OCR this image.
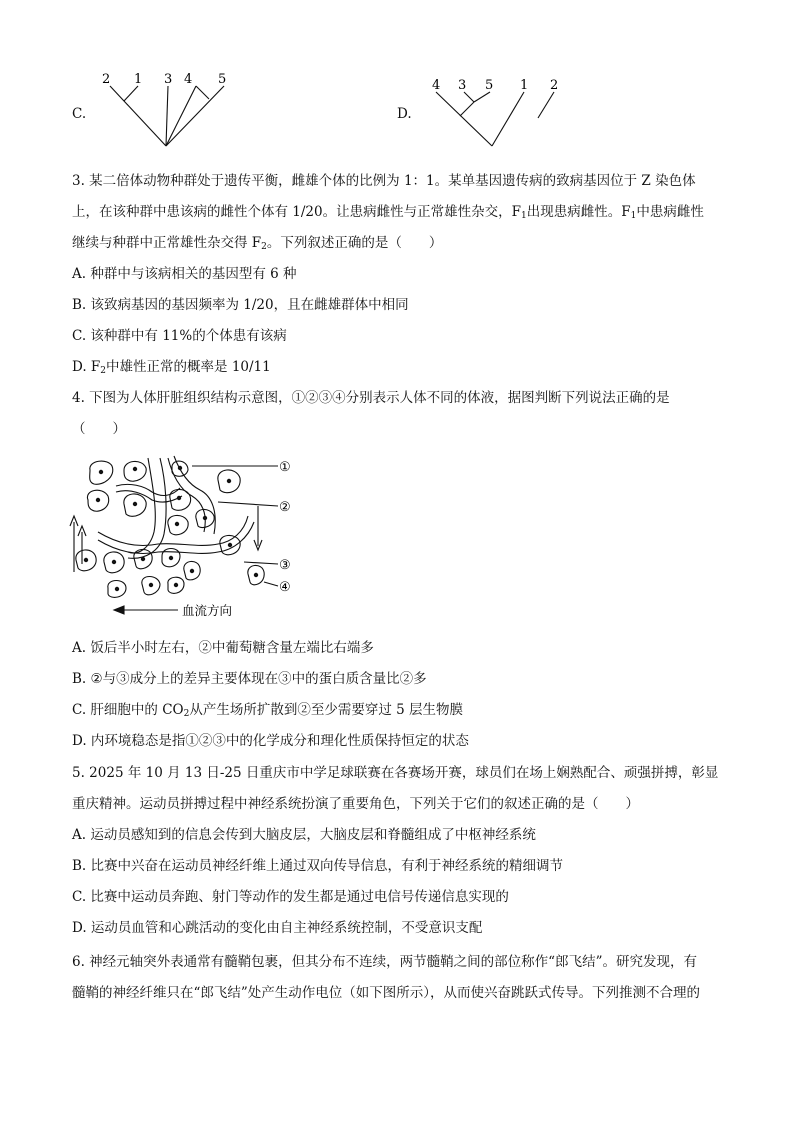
C.
2 1 3 4 5
D.
4 3 5 1 2
3. 某二倍体动物种群处于遗传平衡，雌雄个体的比例为 1：1。某单基因遗传病的致病基因位于 Z 染色体
上，在该种群中患该病的雌性个体有 1/20。让患病雌性与正常雄性杂交，$F_1$出现患病雌性。$F_1$中患病雌性
继续与种群中正常雄性杂交得 $F_2$。下列叙述正确的是（　　）
A. 种群中与该病相关的基因型有 6 种
B. 该致病基因的基因频率为 1/20，且在雌雄群体中相同
C. 该种群中有 11%的个体患有该病
D. $F_2$中雄性正常的概率是 10/11
4. 下图为人体肝脏组织结构示意图，①②③④分别表示人体不同的体液，据图判断下列说法正确的是
（　　）
①
②
③
④
血流方向
A. 饭后半小时左右，②中葡萄糖含量左端比右端多
B. ②与③成分上的差异主要体现在③中的蛋白质含量比②多
C. 肝细胞中的 $CO_2$从产生场所扩散到②至少需要穿过 5 层生物膜
D. 内环境稳态是指①②③中的化学成分和理化性质保持恒定的状态
5. 2025 年 10 月 13 日-25 日重庆市中学足球联赛在各赛场开赛，球员们在场上娴熟配合、顽强拼搏，彰显
重庆精神。运动员拼搏过程中神经系统扮演了重要角色，下列关于它们的叙述正确的是（　　）
A. 运动员感知到的信息会传到大脑皮层，大脑皮层和脊髓组成了中枢神经系统
B. 比赛中兴奋在运动员神经纤维上通过双向传导信息，有利于神经系统的精细调节
C. 比赛中运动员奔跑、射门等动作的发生都是通过电信号传递信息实现的
D. 运动员血管和心跳活动的变化由自主神经系统控制，不受意识支配
6. 神经元轴突外表通常有髓鞘包裹，但其分布不连续，两节髓鞘之间的部位称作“郎飞结”。研究发现，有
髓鞘的神经纤维只在“郎飞结”处产生动作电位（如下图所示），从而使兴奋跳跃式传导。下列推测不合理的
